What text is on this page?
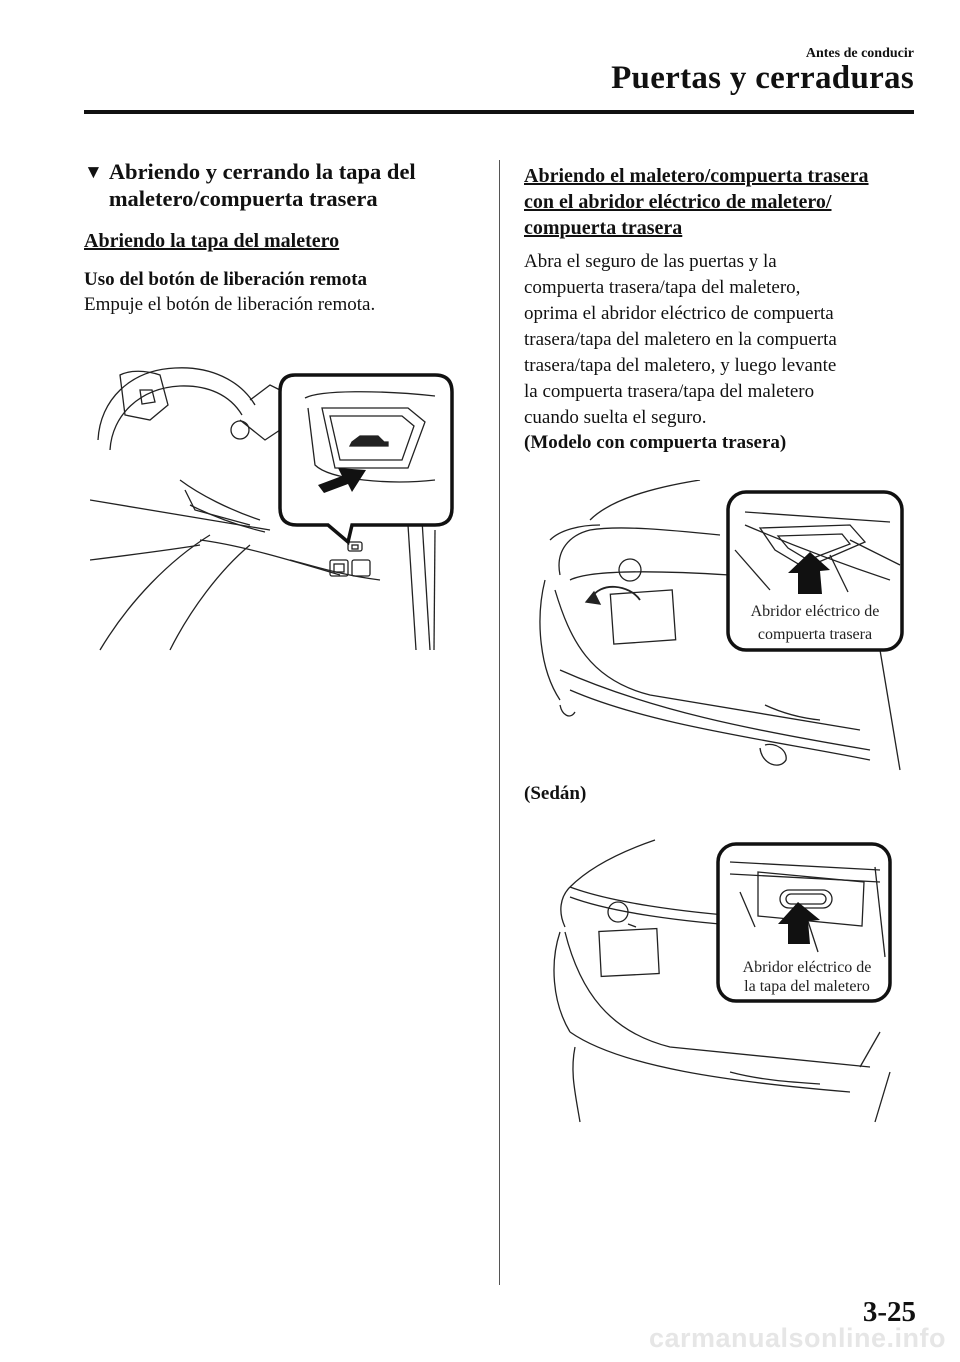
Antes de conducir
Puertas y cerraduras
▼ Abriendo y cerrando la tapa del
maletero/compuerta trasera
Abriendo la tapa del maletero
Uso del botón de liberación remota
Empuje el botón de liberación remota.
Abriendo el maletero/compuerta trasera
con el abridor eléctrico de maletero/
compuerta trasera
Abra el seguro de las puertas y la
compuerta trasera/tapa del maletero,
oprima el abridor eléctrico de compuerta
trasera/tapa del maletero en la compuerta
trasera/tapa del maletero, y luego levante
la compuerta trasera/tapa del maletero
cuando suelta el seguro.
(Modelo con compuerta trasera)
Abridor eléctrico de
compuerta trasera
(Sedán)
Abridor eléctrico de
la tapa del maletero
3-25
carmanualsonline.info
